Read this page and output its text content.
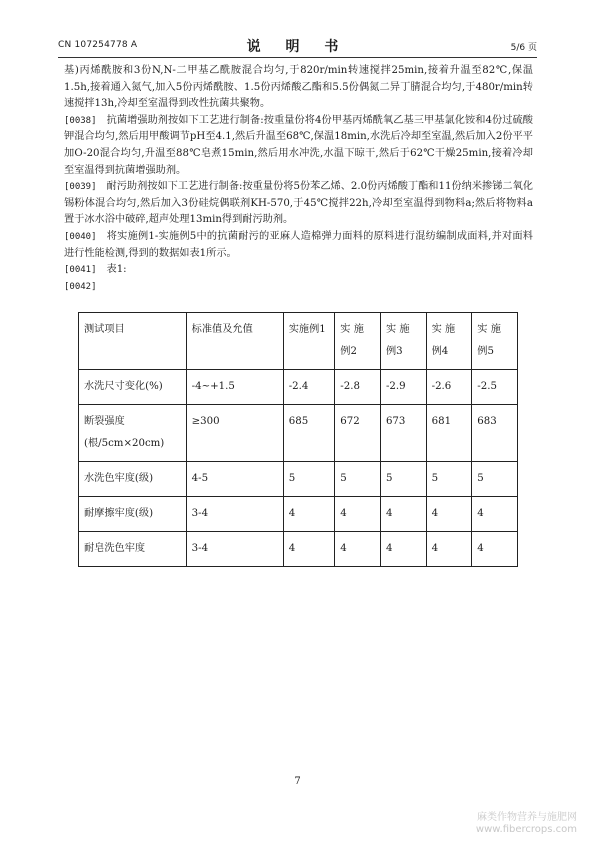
CN 107254778 A	说 明 书	5/6 页

基)丙烯酰胺和3份N,N-二甲基乙酰胺混合均匀,于820r/min转速搅拌25min,接着升温至82℃,保温1.5h,接着通入氮气,加入5份丙烯酰胺、1.5份丙烯酸乙酯和5.5份偶氮二异丁腈混合均匀,于480r/min转速搅拌13h,冷却至室温得到改性抗菌共聚物。

[0038] 抗菌增强助剂按如下工艺进行制备:按重量份将4份甲基丙烯酰氧乙基三甲基氯化铵和4份过硫酸钾混合均匀,然后用甲酸调节pH至4.1,然后升温至68℃,保温18min,水洗后冷却至室温,然后加入2份平平加O-20混合均匀,升温至88℃皂煮15min,然后用水冲洗,水温下晾干,然后于62℃干燥25min,接着冷却至室温得到抗菌增强助剂。

[0039] 耐污助剂按如下工艺进行制备:按重量份将5份苯乙烯、2.0份丙烯酸丁酯和11份纳米掺锑二氧化锡粉体混合均匀,然后加入3份硅烷偶联剂KH-570,于45℃搅拌22h,冷却至室温得到物料a;然后将物料a置于冰水浴中破碎,超声处理13min得到耐污助剂。

[0040] 将实施例1-实施例5中的抗菌耐污的亚麻人造棉弹力面料的原料进行混纺编制成面料,并对面料进行性能检测,得到的数据如表1所示。

[0041] 表1:

[0042]

测试项目	标准值及允值	实施例1	实 施 例2	实 施 例3	实 施 例4	实 施 例5
水洗尺寸变化(%)	-4~+1.5	-2.4	-2.8	-2.9	-2.6	-2.5
断裂强度(根/5cm×20cm)	≥300	685	672	673	681	683
水洗色牢度(级)	4-5	5	5	5	5	5
耐摩擦牢度(级)	3-4	4	4	4	4	4
耐皂洗色牢度	3-4	4	4	4	4	4
7
麻类作物营养与施肥网
www.fibercrops.com
